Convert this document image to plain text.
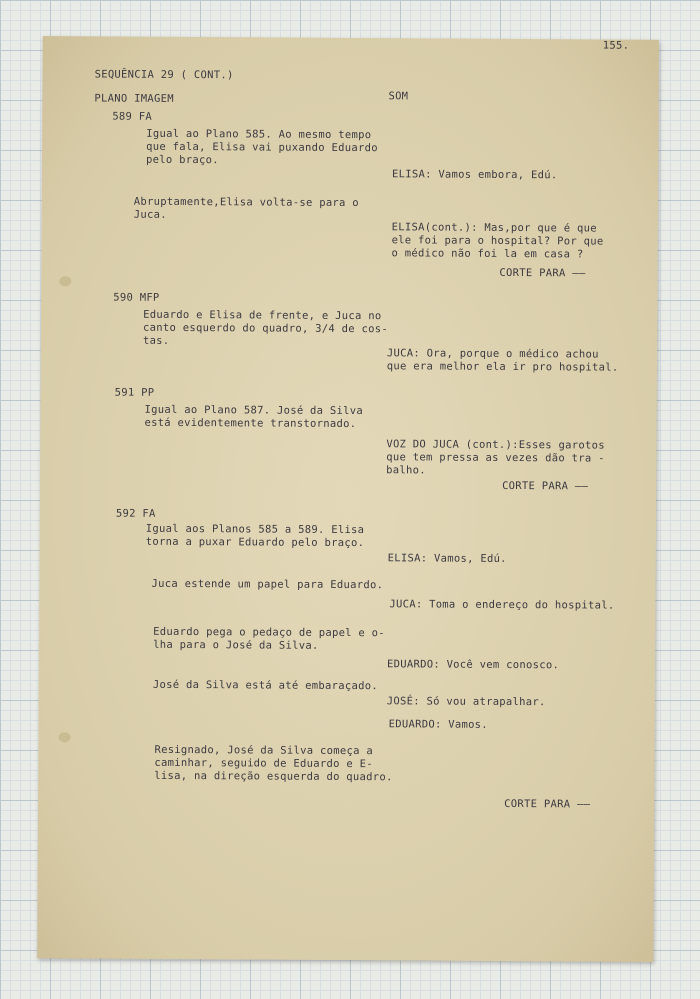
155.
SEQUÊNCIA 29 ( CONT.)
PLANO IMAGEM	SOM
589 FA
Igual ao Plano 585. Ao mesmo tempo
que fala, Elisa vai puxando Eduardo
pelo braço.
ELISA: Vamos embora, Edú.
Abruptamente,Elisa volta-se para o
Juca.
ELISA(cont.): Mas,por que é que
ele foi para o hospital? Por que
o médico não foi la em casa ?
CORTE PARA ——
590 MFP
Eduardo e Elisa de frente, e Juca no
canto esquerdo do quadro, 3/4 de cos-
tas.
JUCA: Ora, porque o médico achou
que era melhor ela ir pro hospital.
591 PP
Igual ao Plano 587. José da Silva
está evidentemente transtornado.
VOZ DO JUCA (cont.):Esses garotos
que tem pressa as vezes dão tra -
balho.
CORTE PARA ——
592 FA
Igual aos Planos 585 a 589. Elisa
torna a puxar Eduardo pelo braço.
ELISA: Vamos, Edú.
Juca estende um papel para Eduardo.
JUCA: Toma o endereço do hospital.
Eduardo pega o pedaço de papel e o-
lha para o José da Silva.
EDUARDO: Você vem conosco.
José da Silva está até embaraçado.
JOSÉ: Só vou atrapalhar.
EDUARDO: Vamos.
Resignado, José da Silva começa a
caminhar, seguido de Eduardo e E-
lisa, na direção esquerda do quadro.
CORTE PARA ——
